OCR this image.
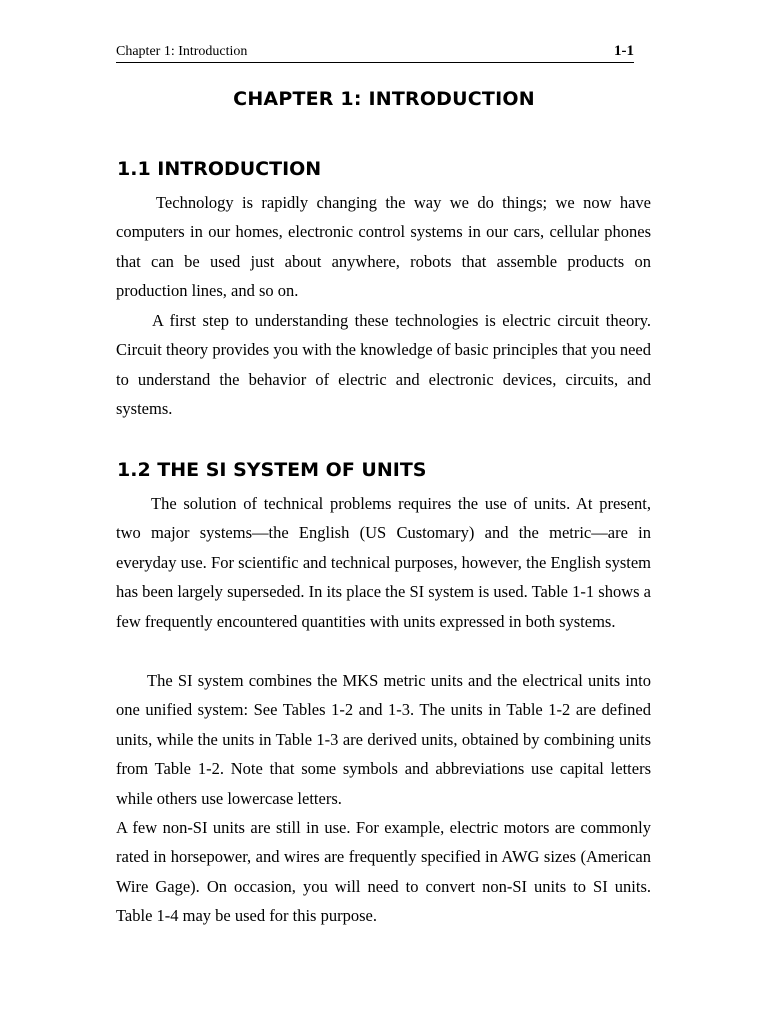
Chapter 1: Introduction	1-1
CHAPTER 1: INTRODUCTION
1.1 INTRODUCTION

Technology is rapidly changing the way we do things; we now have computers in our homes, electronic control systems in our cars, cellular phones that can be used just about anywhere, robots that assemble products on production lines, and so on.

A first step to understanding these technologies is electric circuit theory. Circuit theory provides you with the knowledge of basic principles that you need to understand the behavior of electric and electronic devices, circuits, and systems.

1.2 THE SI SYSTEM OF UNITS

The solution of technical problems requires the use of units. At present, two major systems—the English (US Customary) and the metric—are in everyday use. For scientific and technical purposes, however, the English system has been largely superseded. In its place the SI system is used. Table 1-1 shows a few frequently encountered quantities with units expressed in both systems.

The SI system combines the MKS metric units and the electrical units into one unified system: See Tables 1-2 and 1-3. The units in Table 1-2 are defined units, while the units in Table 1-3 are derived units, obtained by combining units from Table 1-2. Note that some symbols and abbreviations use capital letters while others use lowercase letters.

A few non-SI units are still in use. For example, electric motors are commonly rated in horsepower, and wires are frequently specified in AWG sizes (American Wire Gage). On occasion, you will need to convert non-SI units to SI units. Table 1-4 may be used for this purpose.
